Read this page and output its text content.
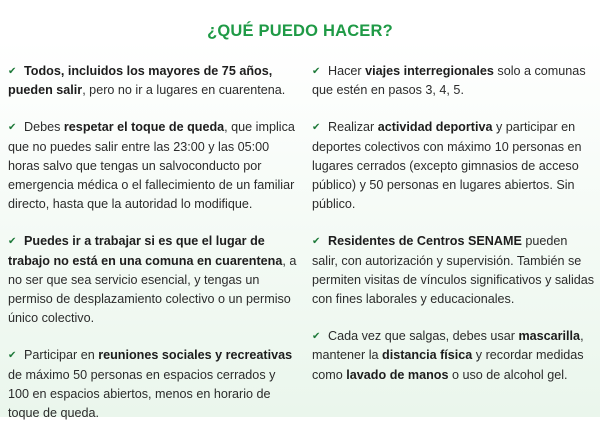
¿QUÉ PUEDO HACER?

✔ Todos, incluidos los mayores de 75 años, pueden salir, pero no ir a lugares en cuarentena.

✔ Debes respetar el toque de queda, que implica que no puedes salir entre las 23:00 y las 05:00 horas salvo que tengas un salvoconducto por emergencia médica o el fallecimiento de un familiar directo, hasta que la autoridad lo modifique.

✔ Puedes ir a trabajar si es que el lugar de trabajo no está en una comuna en cuarentena, a no ser que sea servicio esencial, y tengas un permiso de desplazamiento colectivo o un permiso único colectivo.

✔ Participar en reuniones sociales y recreativas de máximo 50 personas en espacios cerrados y 100 en espacios abiertos, menos en horario de toque de queda.

✔ Hacer viajes interregionales solo a comunas que estén en pasos 3, 4, 5.

✔ Realizar actividad deportiva y participar en deportes colectivos con máximo 10 personas en lugares cerrados (excepto gimnasios de acceso público) y 50 personas en lugares abiertos. Sin público.

✔ Residentes de Centros SENAME pueden salir, con autorización y supervisión. También se permiten visitas de vínculos significativos y salidas con fines laborales y educacionales.

✔ Cada vez que salgas, debes usar mascarilla, mantener la distancia física y recordar medidas como lavado de manos o uso de alcohol gel.
